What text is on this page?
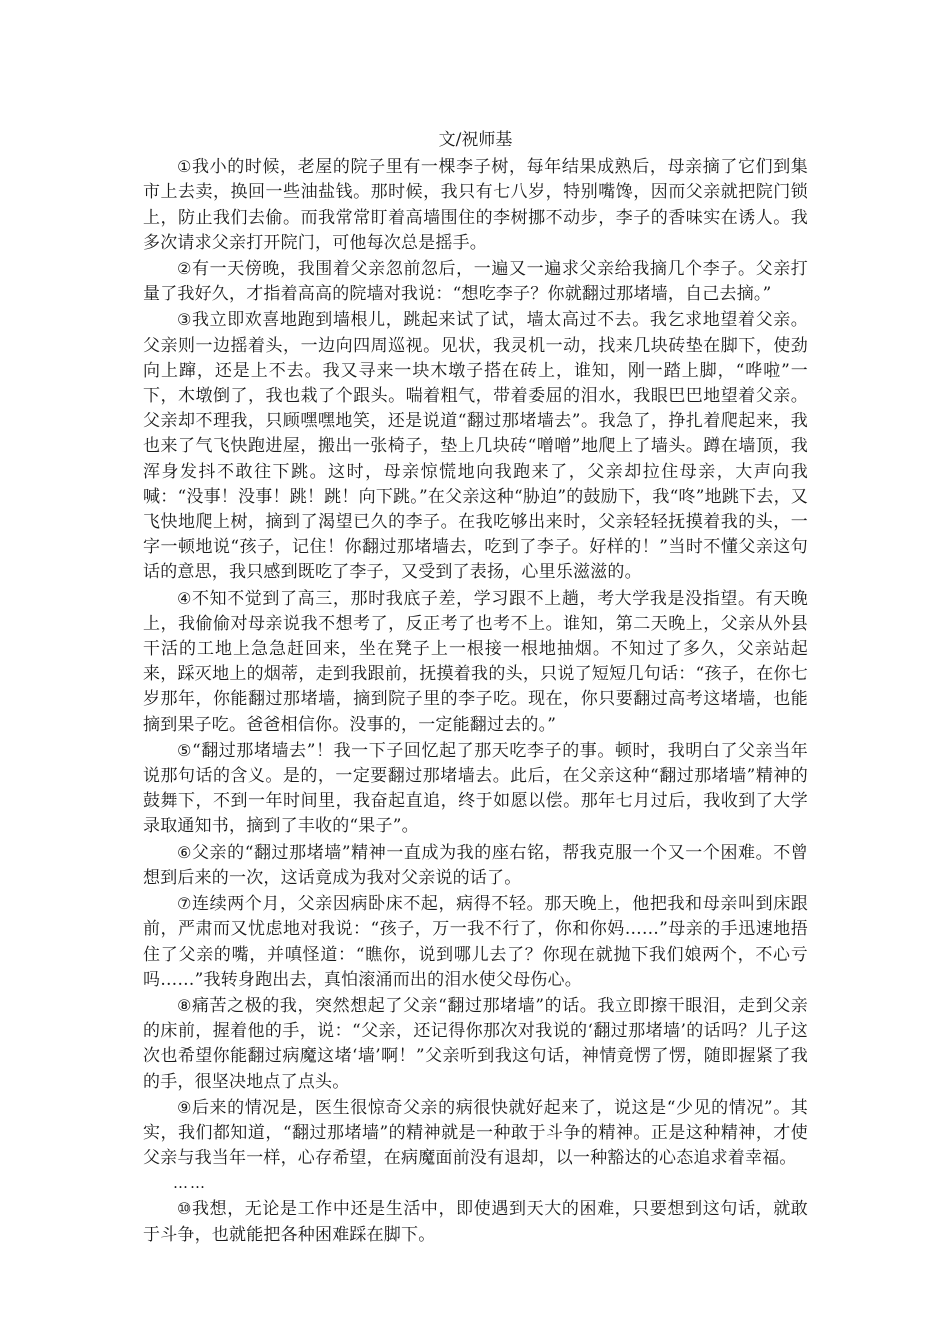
文/祝师基

①我小的时候，老屋的院子里有一棵李子树，每年结果成熟后，母亲摘了它们到集市上去卖，换回一些油盐钱。那时候，我只有七八岁，特别嘴馋，因而父亲就把院门锁上，防止我们去偷。而我常常盯着高墙围住的李树挪不动步，李子的香味实在诱人。我多次请求父亲打开院门，可他每次总是摇手。

②有一天傍晚，我围着父亲忽前忽后，一遍又一遍求父亲给我摘几个李子。父亲打量了我好久，才指着高高的院墙对我说：“想吃李子？你就翻过那堵墙，自己去摘。”

③我立即欢喜地跑到墙根儿，跳起来试了试，墙太高过不去。我乞求地望着父亲。父亲则一边摇着头，一边向四周巡视。见状，我灵机一动，找来几块砖垫在脚下，使劲向上蹿，还是上不去。我又寻来一块木墩子搭在砖上，谁知，刚一踏上脚，“哗啦”一下，木墩倒了，我也栽了个跟头。喘着粗气，带着委屈的泪水，我眼巴巴地望着父亲。父亲却不理我，只顾嘿嘿地笑，还是说道“翻过那堵墙去”。我急了，挣扎着爬起来，我也来了气飞快跑进屋，搬出一张椅子，垫上几块砖“噌噌”地爬上了墙头。蹲在墙顶，我浑身发抖不敢往下跳。这时，母亲惊慌地向我跑来了，父亲却拉住母亲，大声向我喊：“没事！没事！跳！跳！向下跳。”在父亲这种“胁迫”的鼓励下，我“咚”地跳下去，又飞快地爬上树，摘到了渴望已久的李子。在我吃够出来时，父亲轻轻抚摸着我的头，一字一顿地说“孩子，记住！你翻过那堵墙去，吃到了李子。好样的！”当时不懂父亲这句话的意思，我只感到既吃了李子，又受到了表扬，心里乐滋滋的。

④不知不觉到了高三，那时我底子差，学习跟不上趟，考大学我是没指望。有天晚上，我偷偷对母亲说我不想考了，反正考了也考不上。谁知，第二天晚上，父亲从外县干活的工地上急急赶回来，坐在凳子上一根接一根地抽烟。不知过了多久，父亲站起来，踩灭地上的烟蒂，走到我跟前，抚摸着我的头，只说了短短几句话：“孩子，在你七岁那年，你能翻过那堵墙，摘到院子里的李子吃。现在，你只要翻过高考这堵墙，也能摘到果子吃。爸爸相信你。没事的，一定能翻过去的。”

⑤“翻过那堵墙去”！我一下子回忆起了那天吃李子的事。顿时，我明白了父亲当年说那句话的含义。是的，一定要翻过那堵墙去。此后，在父亲这种“翻过那堵墙”精神的鼓舞下，不到一年时间里，我奋起直追，终于如愿以偿。那年七月过后，我收到了大学录取通知书，摘到了丰收的“果子”。

⑥父亲的“翻过那堵墙”精神一直成为我的座右铭，帮我克服一个又一个困难。不曾想到后来的一次，这话竟成为我对父亲说的话了。

⑦连续两个月，父亲因病卧床不起，病得不轻。那天晚上，他把我和母亲叫到床跟前，严肃而又忧虑地对我说：“孩子，万一我不行了，你和你妈……”母亲的手迅速地捂住了父亲的嘴，并嗔怪道：“瞧你，说到哪儿去了？你现在就抛下我们娘两个，不心亏吗……”我转身跑出去，真怕滚涌而出的泪水使父母伤心。

⑧痛苦之极的我，突然想起了父亲“翻过那堵墙”的话。我立即擦干眼泪，走到父亲的床前，握着他的手，说：“父亲，还记得你那次对我说的‘翻过那堵墙’的话吗？儿子这次也希望你能翻过病魔这堵‘墙’啊！”父亲听到我这句话，神情竟愣了愣，随即握紧了我的手，很坚决地点了点头。

⑨后来的情况是，医生很惊奇父亲的病很快就好起来了，说这是“少见的情况”。其实，我们都知道，“翻过那堵墙”的精神就是一种敢于斗争的精神。正是这种精神，才使父亲与我当年一样，心存希望，在病魔面前没有退却，以一种豁达的心态追求着幸福。

……

⑩我想，无论是工作中还是生活中，即使遇到天大的困难，只要想到这句话，就敢于斗争，也就能把各种困难踩在脚下。
